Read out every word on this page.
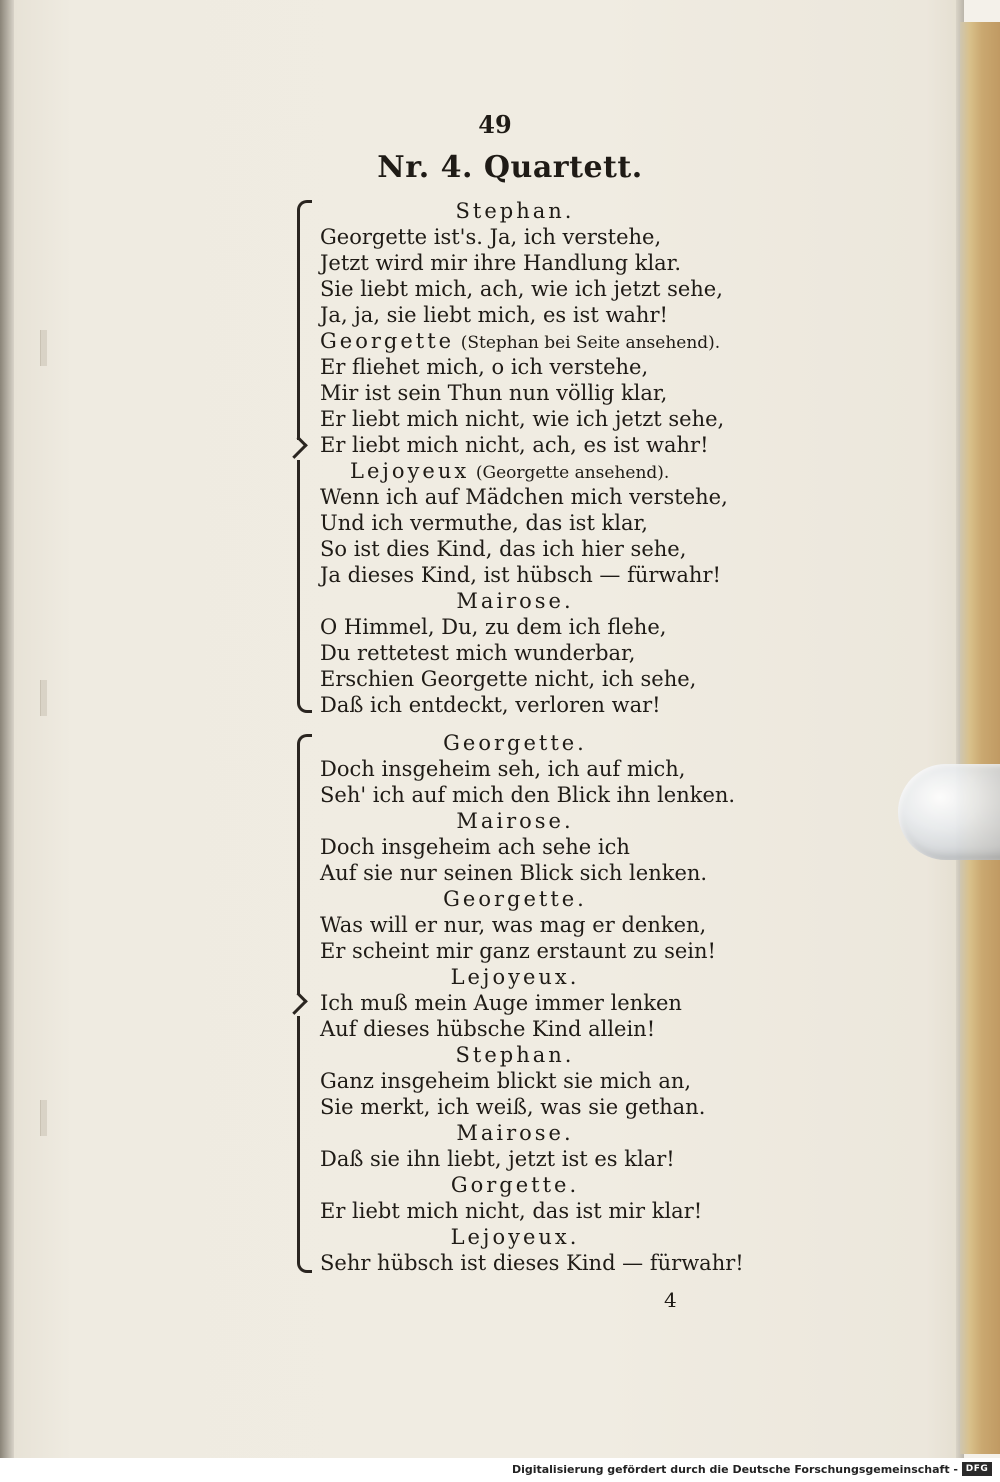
49
Nr. 4. Quartett.
Stephan.
Georgette ist's. Ja, ich verstehe,
Jetzt wird mir ihre Handlung klar.
Sie liebt mich, ach, wie ich jetzt sehe,
Ja, ja, sie liebt mich, es ist wahr!
Georgette (Stephan bei Seite ansehend).
Er fliehet mich, o ich verstehe,
Mir ist sein Thun nun völlig klar,
Er liebt mich nicht, wie ich jetzt sehe,
Er liebt mich nicht, ach, es ist wahr!
Lejoyeux (Georgette ansehend).
Wenn ich auf Mädchen mich verstehe,
Und ich vermuthe, das ist klar,
So ist dies Kind, das ich hier sehe,
Ja dieses Kind, ist hübsch — fürwahr!
Mairose.
O Himmel, Du, zu dem ich flehe,
Du rettetest mich wunderbar,
Erschien Georgette nicht, ich sehe,
Daß ich entdeckt, verloren war!
Georgette.
Doch insgeheim seh, ich auf mich,
Seh' ich auf mich den Blick ihn lenken.
Mairose.
Doch insgeheim ach sehe ich
Auf sie nur seinen Blick sich lenken.
Georgette.
Was will er nur, was mag er denken,
Er scheint mir ganz erstaunt zu sein!
Lejoyeux.
Ich muß mein Auge immer lenken
Auf dieses hübsche Kind allein!
Stephan.
Ganz insgeheim blickt sie mich an,
Sie merkt, ich weiß, was sie gethan.
Mairose.
Daß sie ihn liebt, jetzt ist es klar!
Gorgette.
Er liebt mich nicht, das ist mir klar!
Lejoyeux.
Sehr hübsch ist dieses Kind — fürwahr!
4
Digitalisierung gefördert durch die Deutsche Forschungsgemeinschaft - DFG
